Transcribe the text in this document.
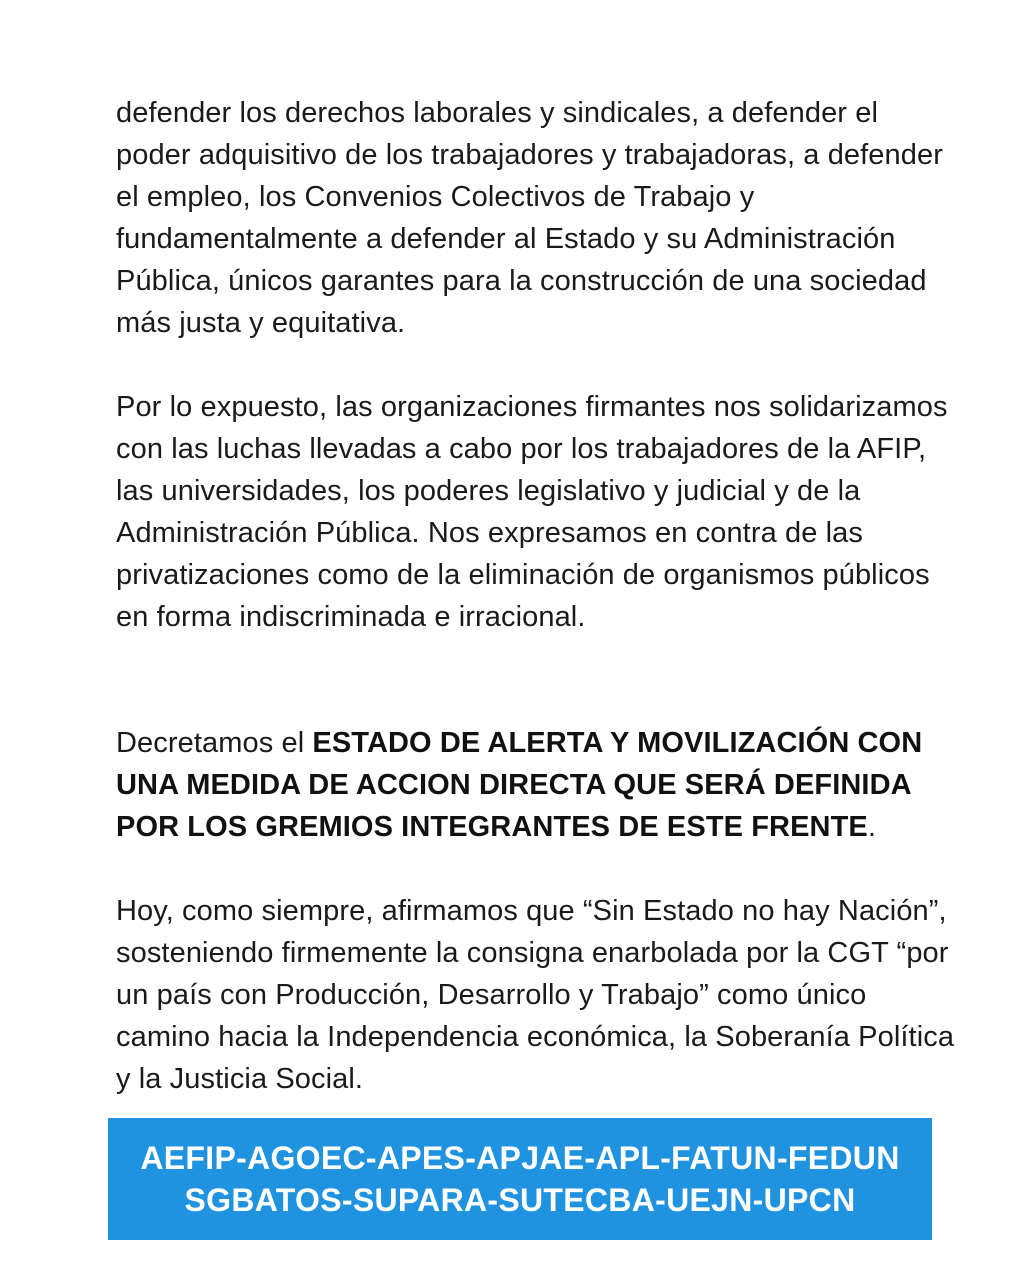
defender los derechos laborales y sindicales, a defender el poder adquisitivo de los trabajadores y trabajadoras, a defender el empleo, los Convenios Colectivos de Trabajo y fundamentalmente a defender al Estado y su Administración Pública, únicos garantes para la construcción de una sociedad más justa y equitativa.

Por lo expuesto, las organizaciones firmantes nos solidarizamos con las luchas llevadas a cabo por los trabajadores de la AFIP, las universidades, los poderes legislativo y judicial y de la Administración Pública. Nos expresamos en contra de las privatizaciones como de la eliminación de organismos públicos en forma indiscriminada e irracional.

Decretamos el ESTADO DE ALERTA Y MOVILIZACIÓN CON UNA MEDIDA DE ACCION DIRECTA QUE SERÁ DEFINIDA POR LOS GREMIOS INTEGRANTES DE ESTE FRENTE.

Hoy, como siempre, afirmamos que “Sin Estado no hay Nación”, sosteniendo firmemente la consigna enarbolada por la CGT “por un país con Producción, Desarrollo y Trabajo” como único camino hacia la Independencia económica, la Soberanía Política y la Justicia Social.

AEFIP-AGOEC-APES-APJAE-APL-FATUN-FEDUN
SGBATOS-SUPARA-SUTECBA-UEJN-UPCN
